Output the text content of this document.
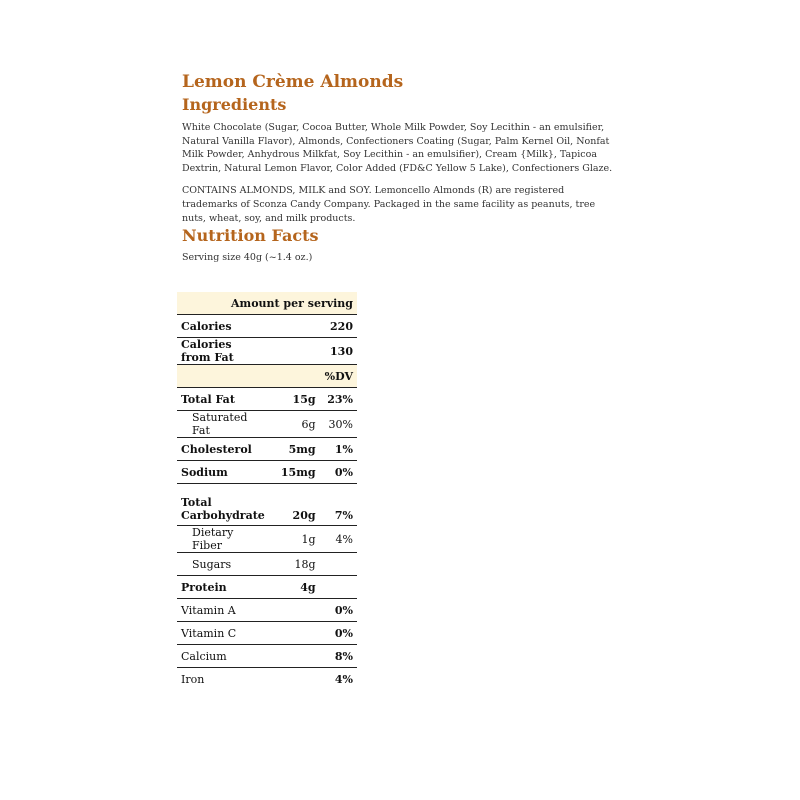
Lemon Crème Almonds
Ingredients

White Chocolate (Sugar, Cocoa Butter, Whole Milk Powder, Soy Lecithin - an emulsifier, Natural Vanilla Flavor), Almonds, Confectioners Coating (Sugar, Palm Kernel Oil, Nonfat Milk Powder, Anhydrous Milkfat, Soy Lecithin - an emulsifier), Cream {Milk}, Tapicoa Dextrin, Natural Lemon Flavor, Color Added (FD&C Yellow 5 Lake), Confectioners Glaze.

CONTAINS ALMONDS, MILK and SOY. Lemoncello Almonds (R) are registered trademarks of Sconza Candy Company. Packaged in the same facility as peanuts, tree nuts, wheat, soy, and milk products.

Nutrition Facts
Serving size 40g (~1.4 oz.)
Amount per serving		
Calories	220	
Calories from Fat	130	
%DV		
Total Fat	15g	23%
Saturated Fat	6g	30%
Cholesterol	5mg	1%
Sodium	15mg	0%
Total Carbohydrate	20g	7%
Dietary Fiber	1g	4%
Sugars	18g	
Protein	4g	
Vitamin A		0%
Vitamin C		0%
Calcium		8%
Iron		4%
